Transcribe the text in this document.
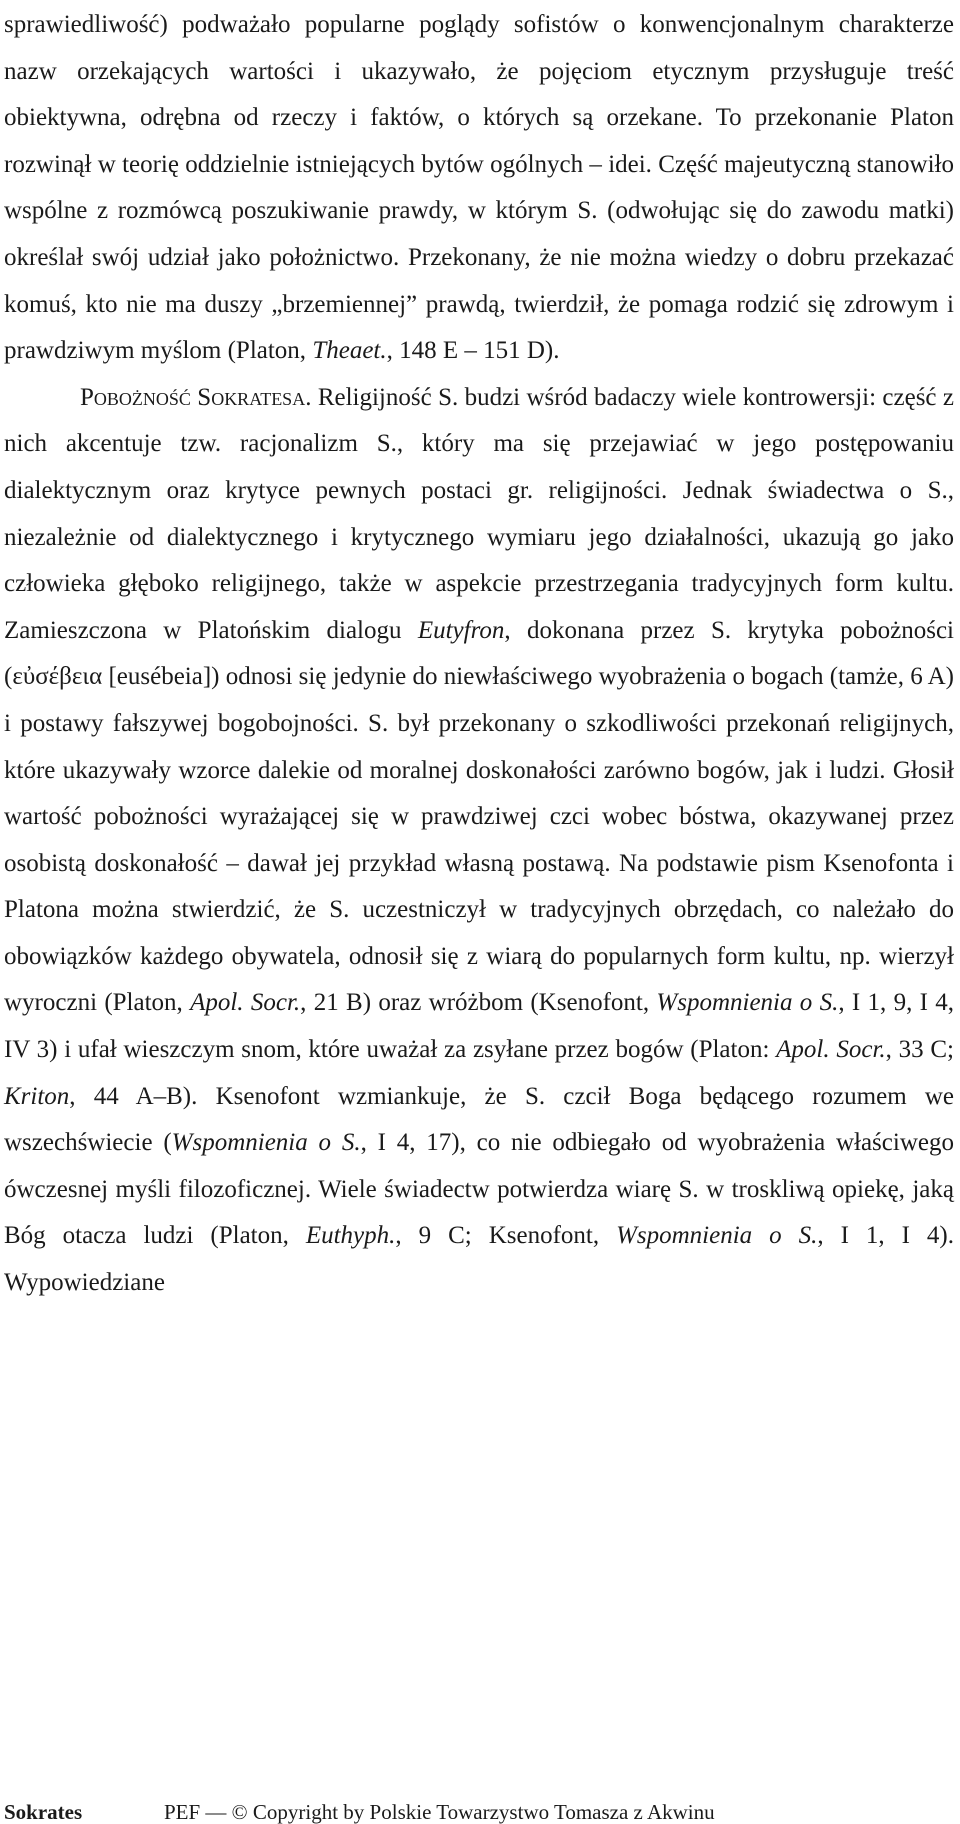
sprawiedliwość) podważało popularne poglądy sofistów o konwencjonalnym charakterze nazw orzekających wartości i ukazywało, że pojęciom etycznym przysługuje treść obiektywna, odrębna od rzeczy i faktów, o których są orzekane. To przekonanie Platon rozwinął w teorię oddzielnie istniejących bytów ogólnych – idei. Część majeutyczną stanowiło wspólne z rozmówcą poszukiwanie prawdy, w którym S. (odwołując się do zawodu matki) określał swój udział jako położnictwo. Przekonany, że nie można wiedzy o dobru przekazać komuś, kto nie ma duszy „brzemiennej” prawdą, twierdził, że pomaga rodzić się zdrowym i prawdziwym myślom (Platon, Theaet., 148 E – 151 D).

Pobożność Sokratesa. Religijność S. budzi wśród badaczy wiele kontrowersji: część z nich akcentuje tzw. racjonalizm S., który ma się przejawiać w jego postępowaniu dialektycznym oraz krytyce pewnych postaci gr. religijności. Jednak świadectwa o S., niezależnie od dialektycznego i krytycznego wymiaru jego działalności, ukazują go jako człowieka głęboko religijnego, także w aspekcie przestrzegania tradycyjnych form kultu. Zamieszczona w Platońskim dialogu Eutyfron, dokonana przez S. krytyka pobożności (εὐσέβεια [eusébeia]) odnosi się jedynie do niewłaściwego wyobrażenia o bogach (tamże, 6 A) i postawy fałszywej bogobojności. S. był przekonany o szkodliwości przekonań religijnych, które ukazywały wzorce dalekie od moralnej doskonałości zarówno bogów, jak i ludzi. Głosił wartość pobożności wyrażającej się w prawdziwej czci wobec bóstwa, okazywanej przez osobistą doskonałość – dawał jej przykład własną postawą. Na podstawie pism Ksenofonta i Platona można stwierdzić, że S. uczestniczył w tradycyjnych obrzędach, co należało do obowiązków każdego obywatela, odnosił się z wiarą do popularnych form kultu, np. wierzył wyroczni (Platon, Apol. Socr., 21 B) oraz wróżbom (Ksenofont, Wspomnienia o S., I 1, 9, I 4, IV 3) i ufał wieszczym snom, które uważał za zsyłane przez bogów (Platon: Apol. Socr., 33 C; Kriton, 44 A–B). Ksenofont wzmiankuje, że S. czcił Boga będącego rozumem we wszechświecie (Wspomnienia o S., I 4, 17), co nie odbiegało od wyobrażenia właściwego ówczesnej myśli filozoficznej. Wiele świadectw potwierdza wiarę S. w troskliwą opiekę, jaką Bóg otacza ludzi (Platon, Euthyph., 9 C; Ksenofont, Wspomnienia o S., I 1, I 4). Wypowiedziane

Sokrates	PEF — © Copyright by Polskie Towarzystwo Tomasza z Akwinu
